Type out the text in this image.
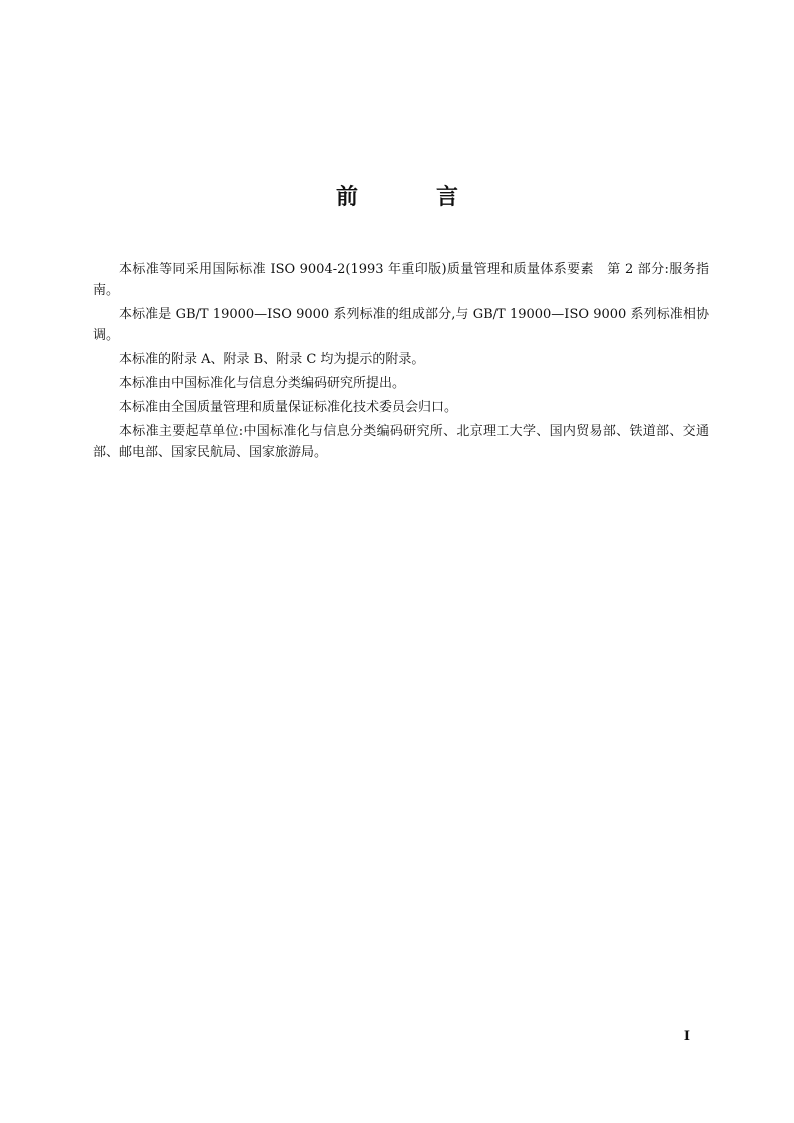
前	言

本标准等同采用国际标准 ISO 9004-2(1993 年重印版)质量管理和质量体系要素　第 2 部分:服务指南。

本标准是 GB/T 19000—ISO 9000 系列标准的组成部分,与 GB/T 19000—ISO 9000 系列标准相协调。

本标准的附录 A、附录 B、附录 C 均为提示的附录。

本标准由中国标准化与信息分类编码研究所提出。

本标准由全国质量管理和质量保证标准化技术委员会归口。

本标准主要起草单位:中国标准化与信息分类编码研究所、北京理工大学、国内贸易部、铁道部、交通部、邮电部、国家民航局、国家旅游局。

Ⅰ
